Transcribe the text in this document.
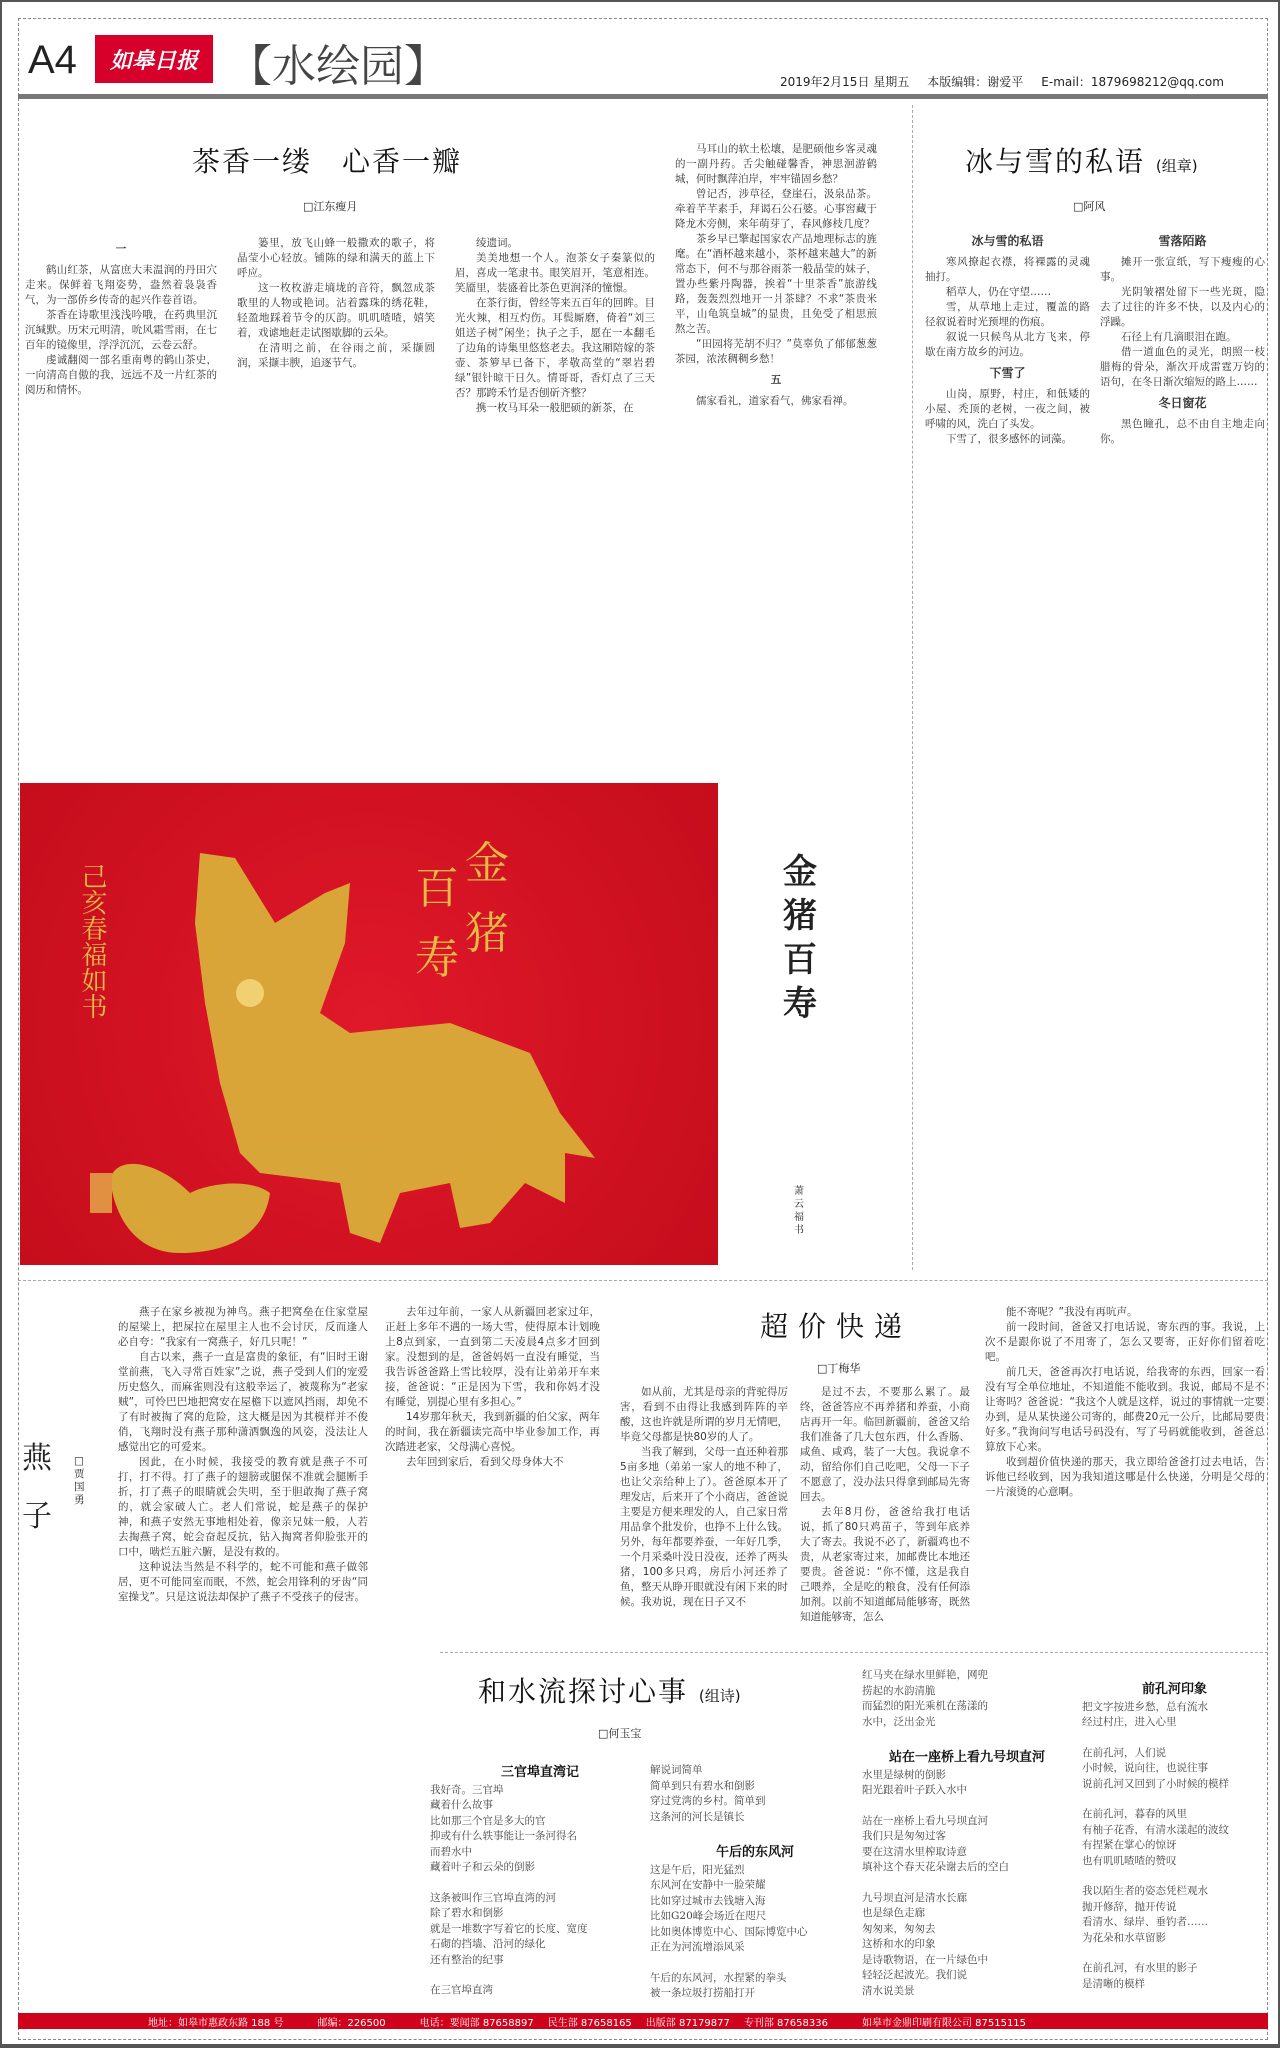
A4	如皋日报 【水绘园】	2019年2月15日 星期五 本版编辑：谢爱平 E-mail：1879698212@qq.com
茶香一缕　心香一瓣
□江东瘦月

一

鹤山红茶，从富庶大耒温润的丹田穴走来。保鲜着飞翔姿势，盎然着袅袅香气，为一部侨乡传奇的起兴作卷首语。

茶香在诗歌里浅浅吟哦，在药典里沉沉缄默。历宋元明清，吮风霜雪雨，在七百年的镜像里，浮浮沉沉，云卷云舒。

虔诚翻阅一部名重南粤的鹤山茶史，一向清高自傲的我，远远不及一片红茶的阅历和情怀。

篓里，放飞山蜂一般撒欢的歌子，将晶莹小心轻放。铺陈的绿和满天的蓝上下呼应。

这一枚枚游走墒垅的音符，飘忽成茶歌里的人物或艳词。沾着露珠的绣花鞋，轻盈地踩着节令的仄韵。叽叽喳喳，嬉笑着，戏谑地赶走试图歇脚的云朵。

在清明之前，在谷雨之前，采撷圆润，采撷丰腴，追逐节气。

绫遗词。

美美地想一个人。泡茶女子秦篆似的眉，喜成一笔隶书。眼笑眉开，笔意相连。笑靥里，装盛着比茶色更润泽的憧憬。

在茶行街，曾经等来五百年的回眸。目光火辣，相互灼伤。耳鬓厮磨，倚着“刘三姐送子树”闲坐；执子之手，愿在一本翻毛了边角的诗集里悠悠老去。我这厢陪嫁的茶壶、茶箩早已备下，孝敬高堂的“翠岩碧绿”银针晾干日久。情哥哥，香灯点了三天否？那跨禾竹是否刨斫齐整？

携一枚马耳朵一般肥硕的新茶，在

马耳山的软土松壤，是肥硕他乡客灵魂的一副丹药。舌尖触碰馨香，神思洄游鹤城，何时飘萍泊岸，牢牢锚固乡愁？

曾记否，涉草径，登崖石，汲泉品茶。牵着芊芊素手，拜谒石公石婆。心事窖藏于降龙木旁侧，来年萌芽了，春风修枝几度？

茶乡早已擎起国家农产品地理标志的旌麾。在“酒杯越来越小，茶杯越来越大”的新常态下，何不与那谷雨茶一般晶莹的妹子，置办些紫丹陶器，挨着“十里茶香”旅游线路，轰轰烈烈地开一爿茶肆？不求“茶贵米平，山龟筑皇城”的显贵，且免受了相思煎熬之苦。

“田园将芜胡不归？”莫辜负了郁郁葱葱茶园，浓浓稠稠乡愁！

五

儒家看礼，道家看气，佛家看禅。

冰与雪的私语 (组章)
□阿风
冰与雪的私语

寒风撩起衣襟，将裸露的灵魂抽打。

稻草人，仍在守望……

雪，从草地上走过，覆盖的路径叙说着时光预埋的伤痕。

叙说一只候鸟从北方飞来，停歇在南方故乡的河边。

下雪了

山岗，原野，村庄，和低矮的小屋、秃顶的老树，一夜之间，被呼啸的风，洗白了头发。

下雪了，很多感怀的词藻。

雪落陌路

摊开一张宣纸，写下瘦瘦的心事。

光阴皱褶处留下一些光斑，隐去了过往的许多不快，以及内心的浮躁。

石径上有几滴眼泪在跑。

借一道血色的灵光，朗照一枝腊梅的骨朵，渐次开成雷霆万钧的语句，在冬日渐次缩短的路上……

冬日窗花

黑色瞳孔，总不由自主地走向你。

金
百
猪
寿
己亥春福如书	金猪百寿
萧云福书
燕子
□贾国勇

燕子在家乡被视为神鸟。燕子把窝垒在住家堂屋的屋梁上，把屎拉在屋里主人也不会讨厌，反而逢人必自夸：“我家有一窝燕子，好几只呢！”

自古以来，燕子一直是富贵的象征，有“旧时王谢堂前燕，飞入寻常百姓家”之说，燕子受到人们的宠爱历史悠久，而麻雀则没有这般幸运了，被蔑称为“老家贼”，可怜巴巴地把窝安在屋檐下以遮风挡雨，却免不了有时被掏了窝的危险，这大概是因为其模样并不俊俏，飞翔时没有燕子那种潇洒飘逸的风姿，没法让人感觉出它的可爱来。

因此，在小时候，我接受的教育就是燕子不可打，打不得。打了燕子的翅膀或腿保不准就会腿断手折，打了燕子的眼睛就会失明，至于胆敢掏了燕子窝的，就会家破人亡。老人们常说，蛇是燕子的保护神，和燕子安然无事地相处着，像亲兄妹一般，人若去掏燕子窝，蛇会奋起反抗，钻入掏窝者仰脸张开的口中，啮烂五脏六腑，是没有救的。

这种说法当然是不科学的，蛇不可能和燕子做邻居，更不可能同室而眠，不然，蛇会用锋利的牙齿“同室操戈”。只是这说法却保护了燕子不受孩子的侵害。

超价快递
□丁梅华

去年过年前，一家人从新疆回老家过年，正赶上多年不遇的一场大雪，使得原本计划晚上8点到家，一直到第二天凌晨4点多才回到家。没想到的是，爸爸妈妈一直没有睡觉，当我告诉爸爸路上雪比较厚，没有让弟弟开车来接，爸爸说：“正是因为下雪，我和你妈才没有睡觉，别提心里有多担心。”

14岁那年秋天，我到新疆的伯父家，两年的时间，我在新疆读完高中毕业参加工作，再次踏进老家，父母满心喜悦。

去年回到家后，看到父母身体大不

如从前，尤其是母亲的背驼得厉害，看到不由得让我感到阵阵的辛酸，这也许就是所谓的岁月无情吧，毕竟父母都是快80岁的人了。

当我了解到，父母一直还种着那5亩多地（弟弟一家人的地不种了，也让父亲给种上了）。爸爸原本开了理发店，后来开了个小商店，爸爸说主要是方便来理发的人，自己家日常用品拿个批发价，也挣不上什么钱。另外，每年都要养蚕，一年好几季，一个月采桑叶没日没夜，还养了两头猪，100多只鸡，房后小河还养了鱼，整天从睁开眼就没有闲下来的时候。我劝说，现在日子又不

是过不去，不要那么累了。最终，爸爸答应不再养猪和养蚕，小商店再开一年。临回新疆前，爸爸又给我们准备了几大包东西，什么香肠、咸鱼、咸鸡，装了一大包。我说拿不动，留给你们自己吃吧，父母一下子不愿意了，没办法只得拿到邮局先寄回去。

去年8月份，爸爸给我打电话说，抓了80只鸡苗子，等到年底养大了寄去。我说不必了，新疆鸡也不贵，从老家寄过来，加邮费比本地还要贵。爸爸说：“你不懂，这是我自己喂养，全是吃的粮食，没有任何添加剂。以前不知道邮局能够寄，既然知道能够寄，怎么

能不寄呢？”我没有再吭声。

前一段时间，爸爸又打电话说，寄东西的事。我说，上次不是跟你说了不用寄了，怎么又要寄，正好你们留着吃吧。

前几天，爸爸再次打电话说，给我寄的东西，回家一看没有写全单位地址，不知道能不能收到。我说，邮局不是不让寄吗？爸爸说：“我这个人就是这样，说过的事情就一定要办到，是从某快递公司寄的，邮费20元一公斤，比邮局要贵好多。”我询问写电话号码没有，写了号码就能收到，爸爸总算放下心来。

收到超价值快递的那天，我立即给爸爸打过去电话，告诉他已经收到，因为我知道这哪是什么快递，分明是父母的一片滚烫的心意啊。

和水流探讨心事 (组诗)
□何玉宝
三官埠直湾记
我好奇。三官埠
藏着什么故事
比如那三个官是多大的官
抑或有什么轶事能让一条河得名
而碧水中
藏着叶子和云朵的倒影
这条被叫作三官埠直湾的河
除了碧水和倒影
就是一堆数字写着它的长度、宽度
石砌的挡墙、沿河的绿化
还有整治的纪事
在三官埠直湾
解说词简单
简单到只有碧水和倒影
穿过党湾的乡村。简单到
这条河的河长是镇长
午后的东风河
这是午后，阳光猛烈
东风河在安静中一脸荣耀
比如穿过城市去钱塘入海
比如G20峰会场近在咫尺
比如奥体博览中心、国际博览中心
正在为河流增添风采
午后的东风河，水捏紧的拳头
被一条垃圾打捞船打开
红马夹在绿水里鲜艳，网兜
捞起的水韵清脆
而猛烈的阳光乘机在荡漾的
水中，泛出金光
站在一座桥上看九号坝直河
水里是绿树的倒影
阳光跟着叶子跃入水中
站在一座桥上看九号坝直河
我们只是匆匆过客
要在这清水里榨取诗意
填补这个春天花朵谢去后的空白
九号坝直河是清水长廊
也是绿色走廊
匆匆来，匆匆去
这桥和水的印象
是诗歌物语，在一片绿色中
轻轻泛起波光。我们说
清水说美景
前孔河印象
把文字按进乡愁，总有流水
经过村庄，进入心里
在前孔河，人们说
小时候，说向往，也说往事
说前孔河又回到了小时候的模样
在前孔河，暮春的风里
有柚子花香，有清水漾起的波纹
有捏紧在掌心的惊讶
也有叽叽喳喳的赞叹
我以陌生者的姿态凭栏观水
抛开修辞，抛开传说
看清水、绿岸、垂钓者……
为花朵和水草留影
在前孔河，有水里的影子
是清晰的模样
地址：如皋市惠政东路 188 号	邮编：226500	电话：要闻部 87658897 民生部 87658165 出版部 87179877 专刊部 87658336	如皋市金鼎印刷有限公司 87515115
